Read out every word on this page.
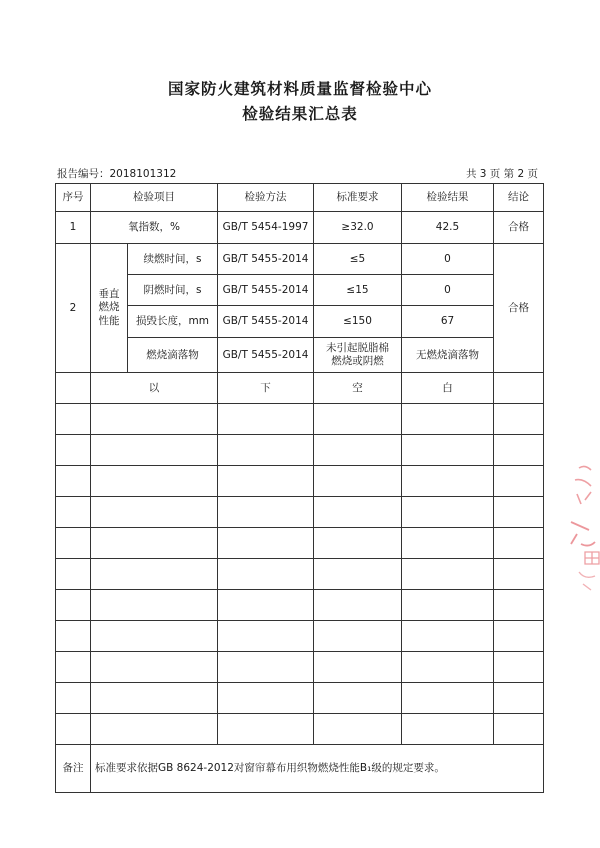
国家防火建筑材料质量监督检验中心
检验结果汇总表
报告编号：2018101312	共 3 页 第 2 页
序号	检验项目		检验方法	标准要求	检验结果	结论
1	氧指数，%		GB/T 5454-1997	≥32.0	42.5	合格
2	垂直燃烧性能	续燃时间，s	GB/T 5455-2014	≤5	0	合格
		阴燃时间，s	GB/T 5455-2014	≤15	0	
		损毁长度，mm	GB/T 5455-2014	≤150	67	
		燃烧滴落物	GB/T 5455-2014	未引起脱脂棉燃烧或阴燃	无燃烧滴落物	
	以		下	空	白	

备注	标准要求依据GB 8624-2012对窗帘幕布用织物燃烧性能B₁级的规定要求。					
